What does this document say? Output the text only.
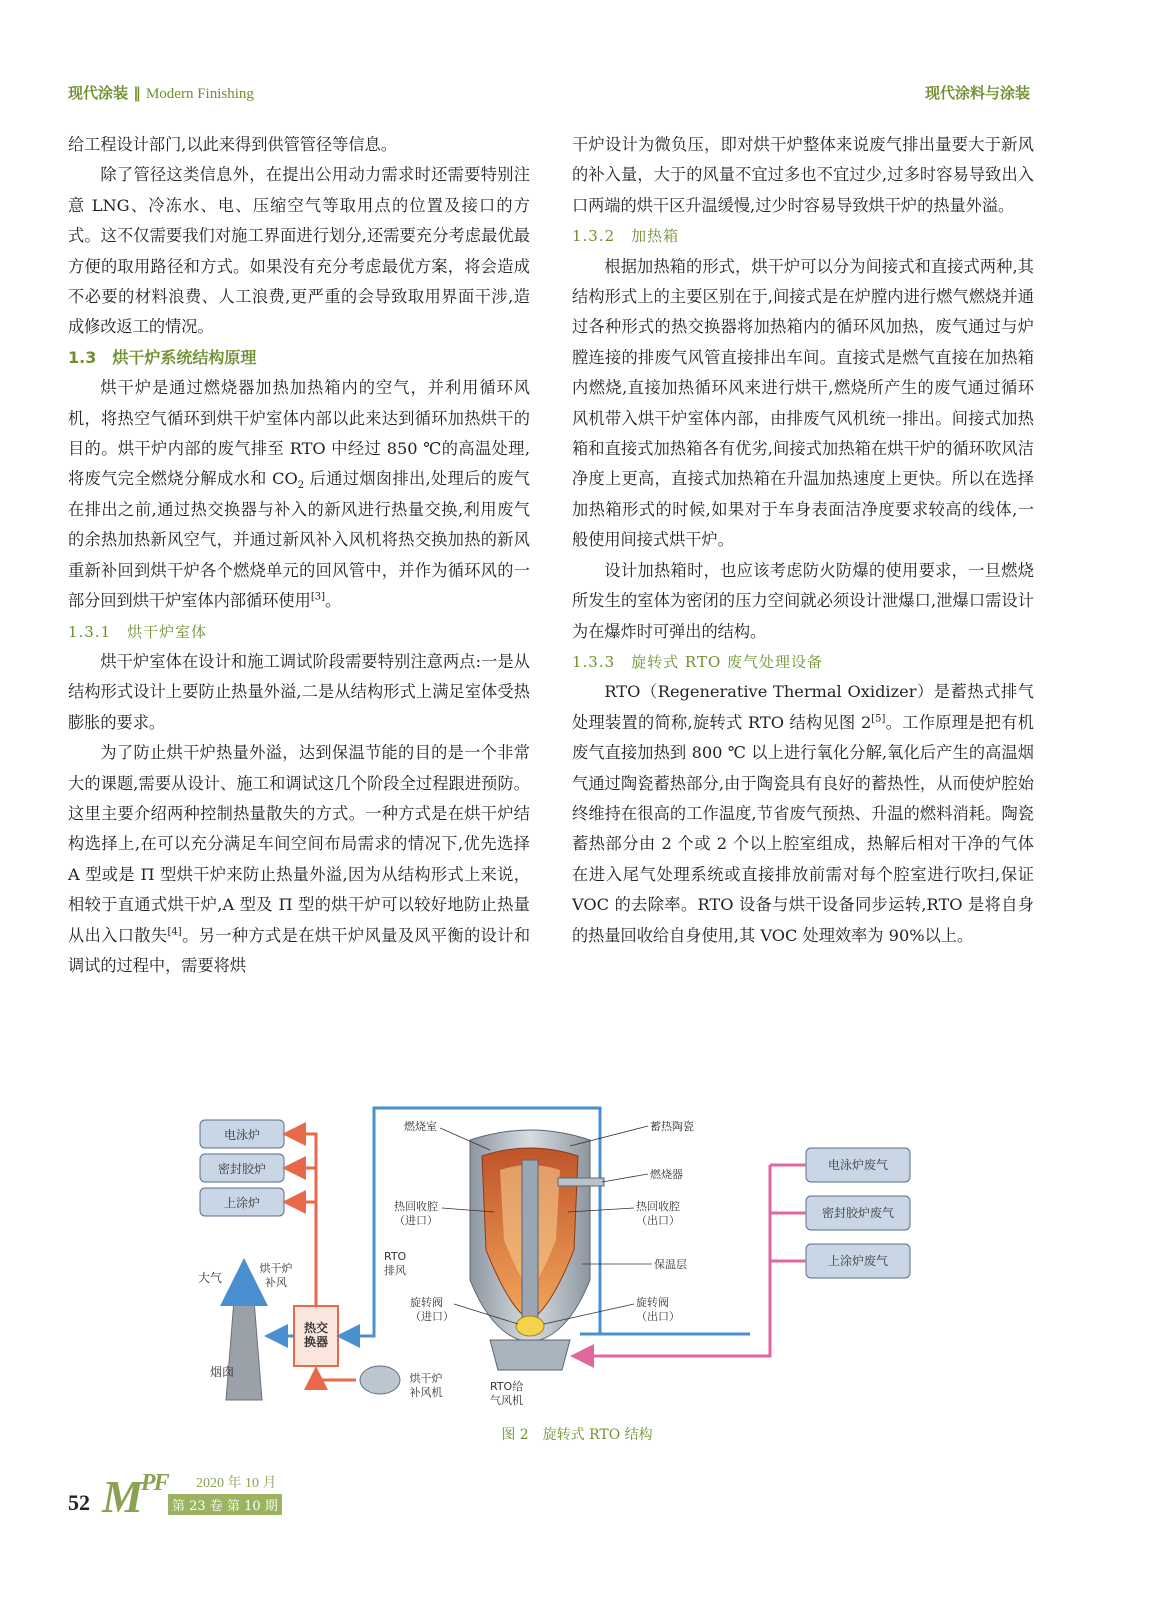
现代涂装 ‖ Modern Finishing	现代涂料与涂装

给工程设计部门,以此来得到供管管径等信息。

除了管径这类信息外，在提出公用动力需求时还需要特别注意 LNG、冷冻水、电、压缩空气等取用点的位置及接口的方式。这不仅需要我们对施工界面进行划分,还需要充分考虑最优最方便的取用路径和方式。如果没有充分考虑最优方案，将会造成不必要的材料浪费、人工浪费,更严重的会导致取用界面干涉,造成修改返工的情况。

1.3　烘干炉系统结构原理

烘干炉是通过燃烧器加热加热箱内的空气，并利用循环风机，将热空气循环到烘干炉室体内部以此来达到循环加热烘干的目的。烘干炉内部的废气排至 RTO 中经过 850 ℃的高温处理,将废气完全燃烧分解成水和 $CO_2$ 后通过烟囱排出,处理后的废气在排出之前,通过热交换器与补入的新风进行热量交换,利用废气的余热加热新风空气，并通过新风补入风机将热交换加热的新风重新补回到烘干炉各个燃烧单元的回风管中，并作为循环风的一部分回到烘干炉室体内部循环使用[3]。

1.3.1　烘干炉室体

烘干炉室体在设计和施工调试阶段需要特别注意两点:一是从结构形式设计上要防止热量外溢,二是从结构形式上满足室体受热膨胀的要求。

为了防止烘干炉热量外溢，达到保温节能的目的是一个非常大的课题,需要从设计、施工和调试这几个阶段全过程跟进预防。这里主要介绍两种控制热量散失的方式。一种方式是在烘干炉结构选择上,在可以充分满足车间空间布局需求的情况下,优先选择 A 型或是 Π 型烘干炉来防止热量外溢,因为从结构形式上来说，相较于直通式烘干炉,A 型及 Π 型的烘干炉可以较好地防止热量从出入口散失[4]。另一种方式是在烘干炉风量及风平衡的设计和调试的过程中，需要将烘

干炉设计为微负压，即对烘干炉整体来说废气排出量要大于新风的补入量，大于的风量不宜过多也不宜过少,过多时容易导致出入口两端的烘干区升温缓慢,过少时容易导致烘干炉的热量外溢。

1.3.2　加热箱

根据加热箱的形式，烘干炉可以分为间接式和直接式两种,其结构形式上的主要区别在于,间接式是在炉膛内进行燃气燃烧并通过各种形式的热交换器将加热箱内的循环风加热，废气通过与炉膛连接的排废气风管直接排出车间。直接式是燃气直接在加热箱内燃烧,直接加热循环风来进行烘干,燃烧所产生的废气通过循环风机带入烘干炉室体内部，由排废气风机统一排出。间接式加热箱和直接式加热箱各有优劣,间接式加热箱在烘干炉的循环吹风洁净度上更高，直接式加热箱在升温加热速度上更快。所以在选择加热箱形式的时候,如果对于车身表面洁净度要求较高的线体,一般使用间接式烘干炉。

设计加热箱时，也应该考虑防火防爆的使用要求，一旦燃烧所发生的室体为密闭的压力空间就必须设计泄爆口,泄爆口需设计为在爆炸时可弹出的结构。

1.3.3　旋转式 RTO 废气处理设备

RTO（Regenerative Thermal Oxidizer）是蓄热式排气处理装置的简称,旋转式 RTO 结构见图 2[5]。工作原理是把有机废气直接加热到 800 ℃ 以上进行氧化分解,氧化后产生的高温烟气通过陶瓷蓄热部分,由于陶瓷具有良好的蓄热性，从而使炉腔始终维持在很高的工作温度,节省废气预热、升温的燃料消耗。陶瓷蓄热部分由 2 个或 2 个以上腔室组成，热解后相对干净的气体在进入尾气处理系统或直接排放前需对每个腔室进行吹扫,保证 VOC 的去除率。RTO 设备与烘干设备同步运转,RTO 是将自身的热量回收给自身使用,其 VOC 处理效率为 90%以上。

电泳炉
密封胶炉
上涂炉
烟囱
大气
热交换器
烘干炉补风
烘干炉补风机
RTO 排风
燃烧室	蓄热陶瓷
燃烧器
热回收腔（进口）
热回收腔（出口）
保温层
旋转阀（进口）
旋转阀（出口）
RTO给气风机
电泳炉废气
密封胶炉废气
上涂炉废气
图 2　旋转式 RTO 结构
52 $M^{PF}$ 2020 年 10 月
第 23 卷 第 10 期
